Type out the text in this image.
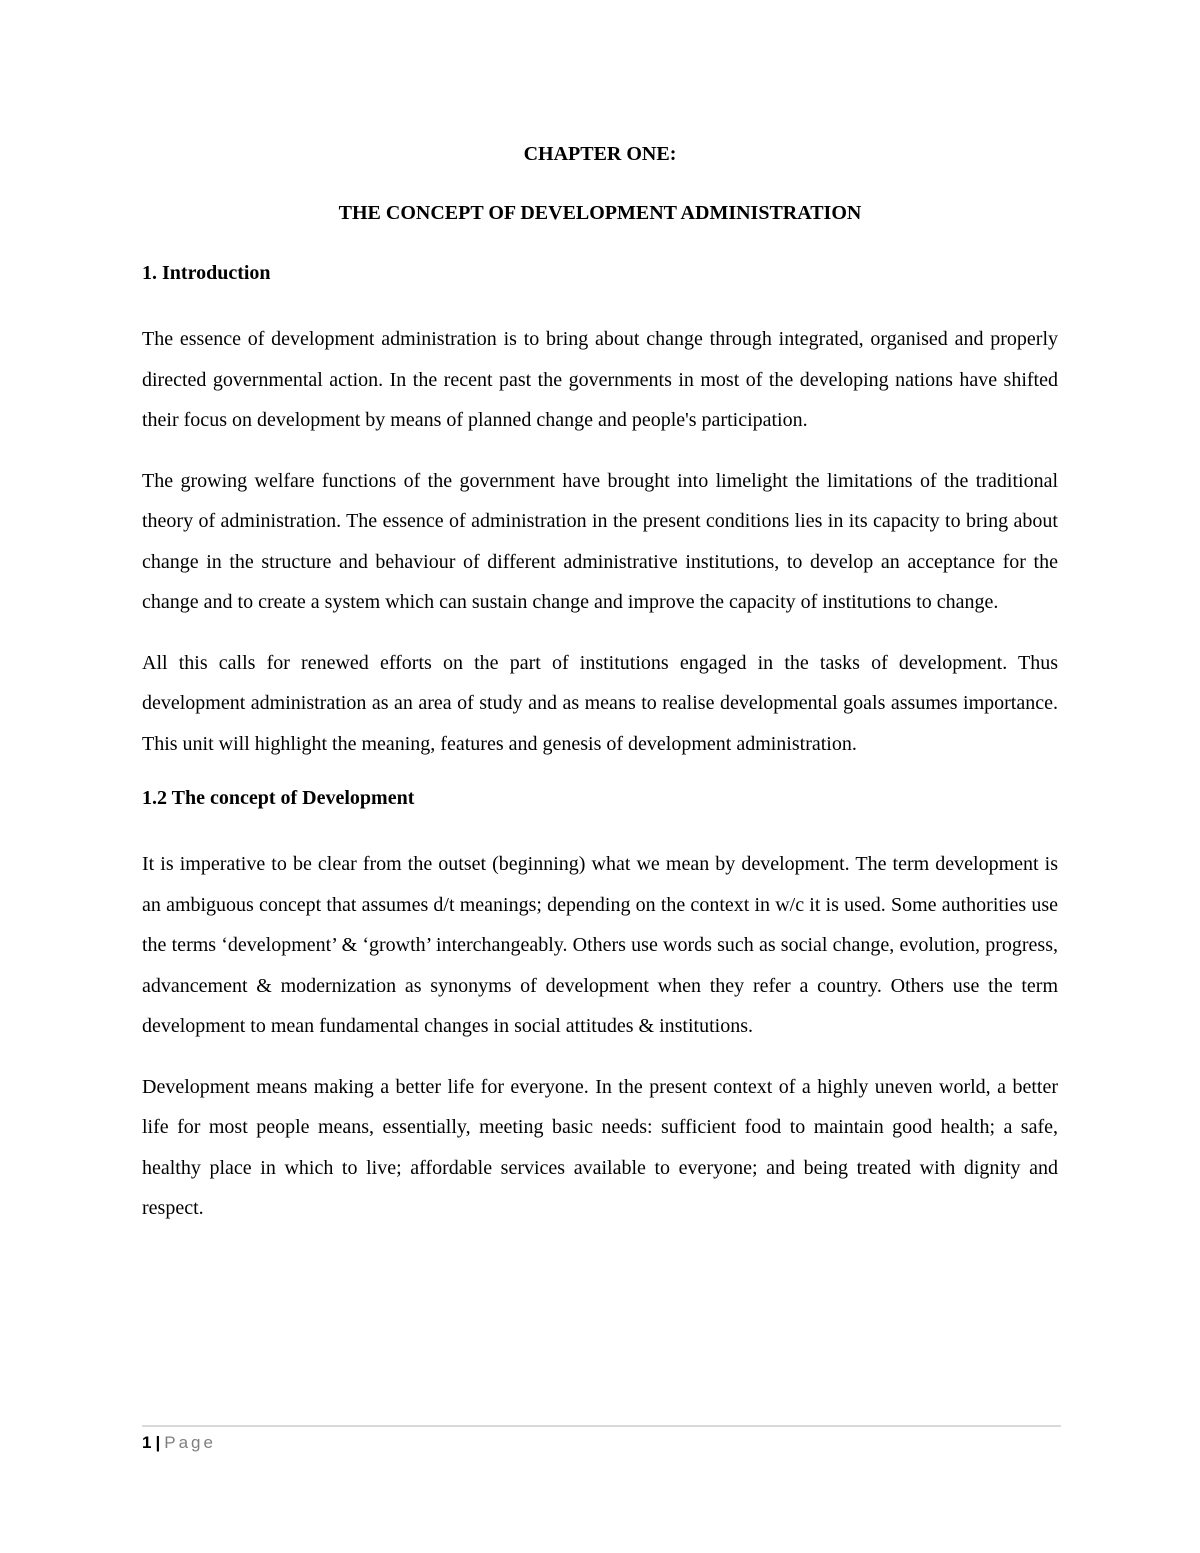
CHAPTER ONE:
THE CONCEPT OF DEVELOPMENT ADMINISTRATION
1. Introduction

The essence of development administration is to bring about change through integrated, organised and properly directed governmental action. In the recent past the governments in most of the developing nations have shifted their focus on development by means of planned change and people's participation.

The growing welfare functions of the government have brought into limelight the limitations of the traditional theory of administration. The essence of administration in the present conditions lies in its capacity to bring about change in the structure and behaviour of different administrative institutions, to develop an acceptance for the change and to create a system which can sustain change and improve the capacity of institutions to change.

All this calls for renewed efforts on the part of institutions engaged in the tasks of development. Thus development administration as an area of study and as means to realise developmental goals assumes importance. This unit will highlight the meaning, features and genesis of development administration.

1.2 The concept of Development

It is imperative to be clear from the outset (beginning) what we mean by development. The term development is an ambiguous concept that assumes d/t meanings; depending on the context in w/c it is used. Some authorities use the terms ‘development’ & ‘growth’ interchangeably. Others use words such as social change, evolution, progress, advancement & modernization as synonyms of development when they refer a country. Others use the term development to mean fundamental changes in social attitudes & institutions.

Development means making a better life for everyone. In the present context of a highly uneven world, a better life for most people means, essentially, meeting basic needs: sufficient food to maintain good health; a safe, healthy place in which to live; affordable services available to everyone; and being treated with dignity and respect.

1 | Page
